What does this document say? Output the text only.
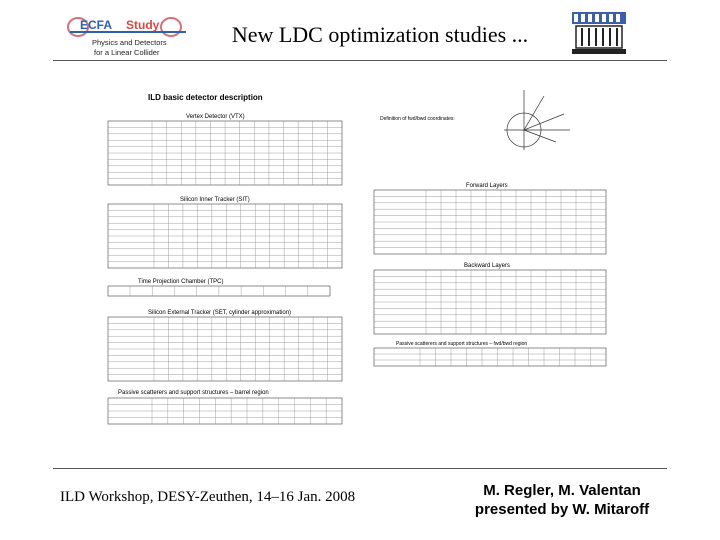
ECFA Study
Physics and Detectors
for a Linear Collider
New LDC optimization studies ...
ILD basic detector description
Vertex Detector (VTX)
Silicon Inner Tracker (SIT)
Time Projection Chamber (TPC)
Silicon External Tracker (SET, cylinder approximation)
Passive scatterers and support structures – barrel region
Definition of fwd/bwd coordinates:
Forward Layers
Backward Layers
Passive scatterers and support structures – fwd/bwd region
ILD Workshop, DESY-Zeuthen, 14–16 Jan. 2008	M. Regler, M. Valentan
presented by W. Mitaroff
